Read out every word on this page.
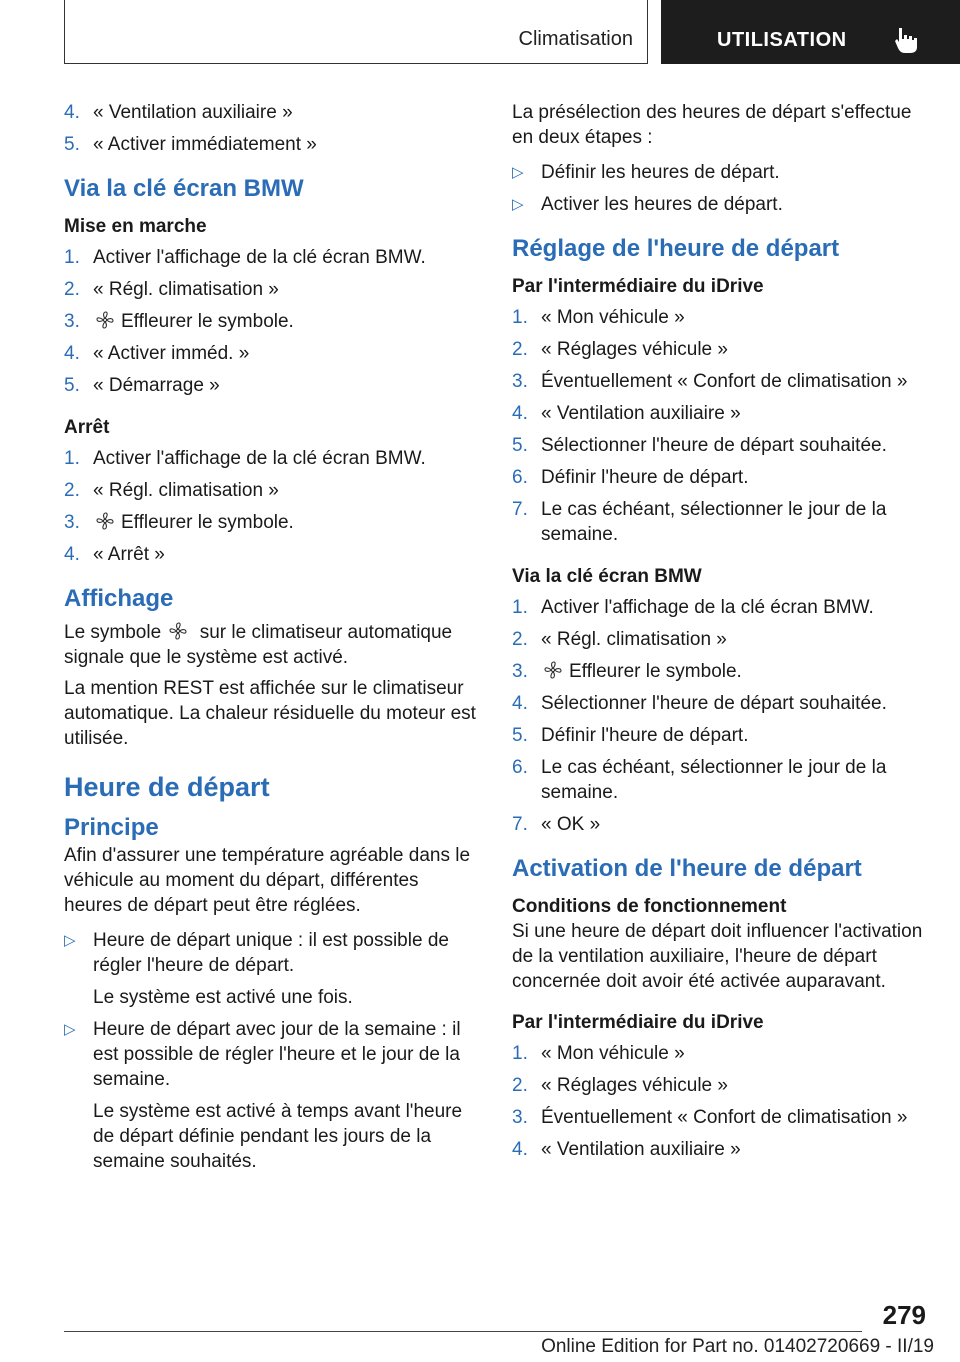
Climatisation	UTILISATION
4. « Ventilation auxiliaire »
5. « Activer immédiatement »
Via la clé écran BMW
Mise en marche
1. Activer l'affichage de la clé écran BMW.
2. « Régl. climatisation »
3. Effleurer le symbole.
4. « Activer imméd. »
5. « Démarrage »
Arrêt
1. Activer l'affichage de la clé écran BMW.
2. « Régl. climatisation »
3. Effleurer le symbole.
4. « Arrêt »
Affichage

Le symbole sur le climatiseur automatique signale que le système est activé.

La mention REST est affichée sur le climatiseur automatique. La chaleur résiduelle du moteur est utilisée.

Heure de départ
Principe

Afin d'assurer une température agréable dans le véhicule au moment du départ, différentes heures de départ peut être réglées.

▷ Heure de départ unique : il est possible de régler l'heure de départ.
Le système est activé une fois.
▷ Heure de départ avec jour de la semaine : il est possible de régler l'heure et le jour de la semaine.
Le système est activé à temps avant l'heure de départ définie pendant les jours de la semaine souhaités.

La présélection des heures de départ s'effectue en deux étapes :

▷ Définir les heures de départ.
▷ Activer les heures de départ.
Réglage de l'heure de départ
Par l'intermédiaire du iDrive
1. « Mon véhicule »
2. « Réglages véhicule »
3. Éventuellement « Confort de climatisation »
4. « Ventilation auxiliaire »
5. Sélectionner l'heure de départ souhaitée.
6. Définir l'heure de départ.
7. Le cas échéant, sélectionner le jour de la semaine.
Via la clé écran BMW
1. Activer l'affichage de la clé écran BMW.
2. « Régl. climatisation »
3. Effleurer le symbole.
4. Sélectionner l'heure de départ souhaitée.
5. Définir l'heure de départ.
6. Le cas échéant, sélectionner le jour de la semaine.
7. « OK »
Activation de l'heure de départ
Conditions de fonctionnement

Si une heure de départ doit influencer l'activation de la ventilation auxiliaire, l'heure de départ concernée doit avoir été activée auparavant.

Par l'intermédiaire du iDrive
1. « Mon véhicule »
2. « Réglages véhicule »
3. Éventuellement « Confort de climatisation »
4. « Ventilation auxiliaire »
279
Online Edition for Part no. 01402720669 - II/19
